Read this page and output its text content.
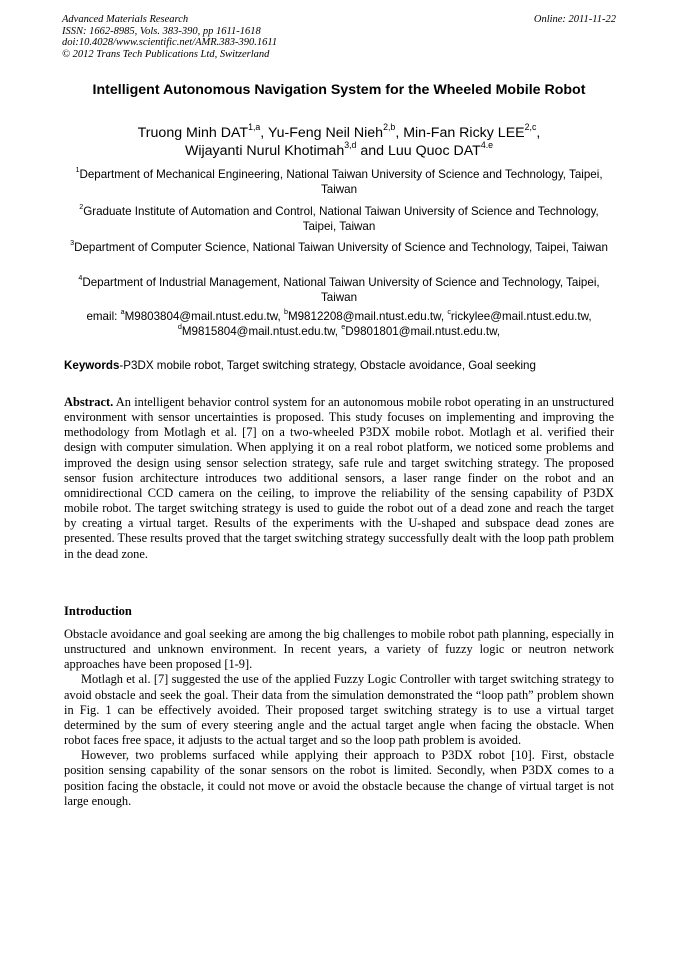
Advanced Materials Research	Online: 2011-11-22
ISSN: 1662-8985, Vols. 383-390, pp 1611-1618
doi:10.4028/www.scientific.net/AMR.383-390.1611
© 2012 Trans Tech Publications Ltd, Switzerland
Intelligent Autonomous Navigation System for the Wheeled Mobile Robot
Truong Minh DAT$^{1,a}$, Yu-Feng Neil Nieh$^{2,b}$, Min-Fan Ricky LEE$^{2,c}$,
Wijayanti Nurul Khotimah$^{3,d}$ and Luu Quoc $DAT^{4.e}$
$^1$Department of Mechanical Engineering, National Taiwan University of Science and Technology, Taipei, Taiwan
$^2$Graduate Institute of Automation and Control, National Taiwan University of Science and Technology, Taipei, Taiwan
$^3$Department of Computer Science, National Taiwan University of Science and Technology, Taipei, Taiwan
$^4$Department of Industrial Management, National Taiwan University of Science and Technology, Taipei, Taiwan
email: $^a$M9803804@mail.ntust.edu.tw, $^b$M9812208@mail.ntust.edu.tw, $^c$rickylee@mail.ntust.edu.tw,
$^d$M9815804@mail.ntust.edu.tw, $^e$D9801801@mail.ntust.edu.tw,
Keywords-P3DX mobile robot, Target switching strategy, Obstacle avoidance, Goal seeking
Abstract. An intelligent behavior control system for an autonomous mobile robot operating in an unstructured environment with sensor uncertainties is proposed. This study focuses on implementing and improving the methodology from Motlagh et al. [7] on a two-wheeled P3DX mobile robot. Motlagh et al. verified their design with computer simulation. When applying it on a real robot platform, we noticed some problems and improved the design using sensor selection strategy, safe rule and target switching strategy. The proposed sensor fusion architecture introduces two additional sensors, a laser range finder on the robot and an omnidirectional CCD camera on the ceiling, to improve the reliability of the sensing capability of P3DX mobile robot. The target switching strategy is used to guide the robot out of a dead zone and reach the target by creating a virtual target. Results of the experiments with the U-shaped and subspace dead zones are presented. These results proved that the target switching strategy successfully dealt with the loop path problem in the dead zone.
Introduction

Obstacle avoidance and goal seeking are among the big challenges to mobile robot path planning, especially in unstructured and unknown environment. In recent years, a variety of fuzzy logic or neutron network approaches have been proposed [1-9].

Motlagh et al. [7] suggested the use of the applied Fuzzy Logic Controller with target switching strategy to avoid obstacle and seek the goal. Their data from the simulation demonstrated the “loop path” problem shown in Fig. 1 can be effectively avoided. Their proposed target switching strategy is to use a virtual target determined by the sum of every steering angle and the actual target angle when facing the obstacle. When robot faces free space, it adjusts to the actual target and so the loop path problem is avoided.

However, two problems surfaced while applying their approach to P3DX robot [10]. First, obstacle position sensing capability of the sonar sensors on the robot is limited. Secondly, when P3DX comes to a position facing the obstacle, it could not move or avoid the obstacle because the change of virtual target is not large enough.
